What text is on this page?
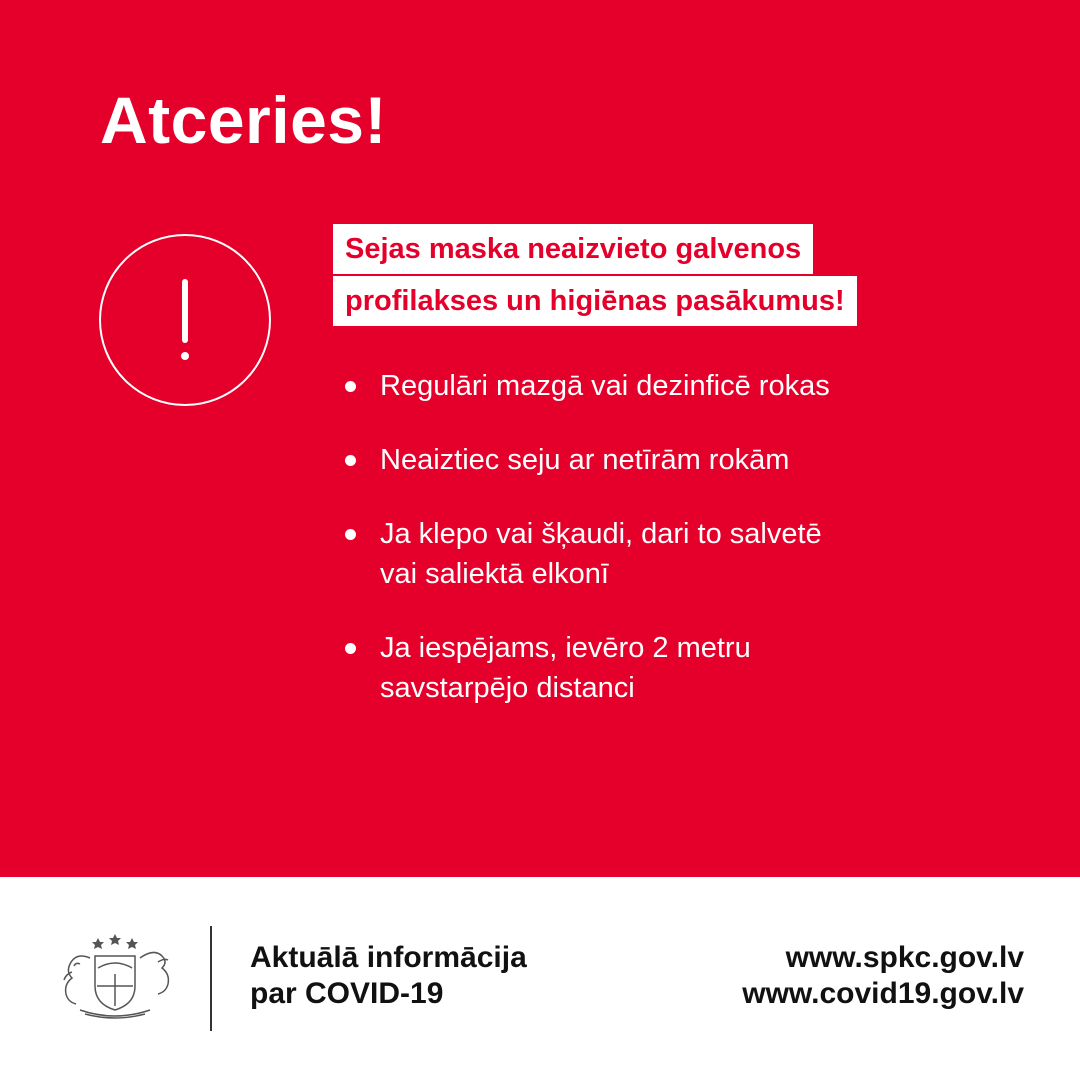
Atceries!
Sejas maska neaizvieto galvenos
profilakses un higiēnas pasākumus!
Regulāri mazgā vai dezinficē rokas
Neaiztiec seju ar netīrām rokām
Ja klepo vai šķaudi, dari to salvetē
vai saliektā elkonī
Ja iespējams, ievēro 2 metru
savstarpējo distanci
Aktuālā informācija
par COVID-19
www.spkc.gov.lv
www.covid19.gov.lv
